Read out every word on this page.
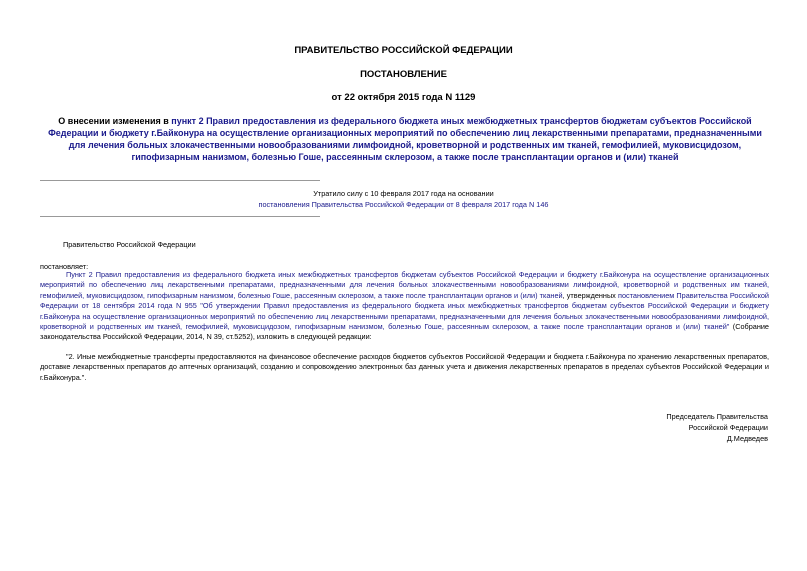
ПРАВИТЕЛЬСТВО РОССИЙСКОЙ ФЕДЕРАЦИИ
ПОСТАНОВЛЕНИЕ
от 22 октября 2015 года N 1129
О внесении изменения в пункт 2 Правил предоставления из федерального бюджета иных межбюджетных трансфертов бюджетам субъектов Российской Федерации и бюджету г.Байконура на осуществление организационных мероприятий по обеспечению лиц лекарственными препаратами, предназначенными для лечения больных злокачественными новообразованиями лимфоидной, кроветворной и родственных им тканей, гемофилией, муковисцидозом, гипофизарным нанизмом, болезнью Гоше, рассеянным склерозом, а также после трансплантации органов и (или) тканей
Утратило силу с 10 февраля 2017 года на основании
постановления Правительства Российской Федерации от 8 февраля 2017 года N 146
Правительство Российской Федерации
постановляет:
Пункт 2 Правил предоставления из федерального бюджета иных межбюджетных трансфертов бюджетам субъектов Российской Федерации и бюджету г.Байконура на осуществление организационных мероприятий по обеспечению лиц лекарственными препаратами, предназначенными для лечения больных злокачественными новообразованиями лимфоидной, кроветворной и родственных им тканей, гемофилией, муковисцидозом, гипофизарным нанизмом, болезнью Гоше, рассеянным склерозом, а также после трансплантации органов и (или) тканей, утвержденных постановлением Правительства Российской Федерации от 18 сентября 2014 года N 955 "Об утверждении Правил предоставления из федерального бюджета иных межбюджетных трансфертов бюджетам субъектов Российской Федерации и бюджету г.Байконура на осуществление организационных мероприятий по обеспечению лиц лекарственными препаратами, предназначенными для лечения больных злокачественными новообразованиями лимфоидной, кроветворной и родственных им тканей, гемофилией, муковисцидозом, гипофизарным нанизмом, болезнью Гоше, рассеянным склерозом, а также после трансплантации органов и (или) тканей" (Собрание законодательства Российской Федерации, 2014, N 39, ст.5252), изложить в следующей редакции:
"2. Иные межбюджетные трансферты предоставляются на финансовое обеспечение расходов бюджетов субъектов Российской Федерации и бюджета г.Байконура по хранению лекарственных препаратов, доставке лекарственных препаратов до аптечных организаций, созданию и сопровождению электронных баз данных учета и движения лекарственных препаратов в пределах субъектов Российской Федерации и г.Байконура.".
Председатель Правительства
Российской Федерации
Д.Медведев
